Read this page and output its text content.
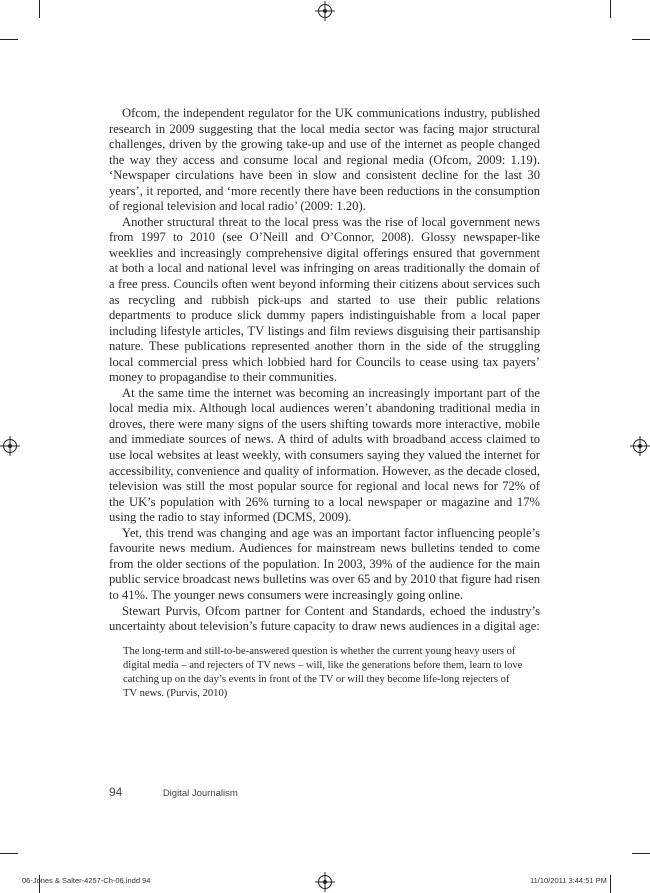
Ofcom, the independent regulator for the UK communications industry, published research in 2009 suggesting that the local media sector was facing major structural challenges, driven by the growing take-up and use of the internet as people changed the way they access and consume local and regional media (Ofcom, 2009: 1.19). ‘Newspaper circulations have been in slow and consistent decline for the last 30 years’, it reported, and ‘more recently there have been reductions in the consumption of regional television and local radio’ (2009: 1.20).

Another structural threat to the local press was the rise of local government news from 1997 to 2010 (see O’Neill and O’Connor, 2008). Glossy newspaper-like weeklies and increasingly comprehensive digital offerings ensured that government at both a local and national level was infringing on areas traditionally the domain of a free press. Councils often went beyond informing their citizens about services such as recycling and rubbish pick-ups and started to use their public relations departments to produce slick dummy papers indistinguishable from a local paper including lifestyle articles, TV listings and film reviews disguising their partisanship nature. These publications represented another thorn in the side of the struggling local commercial press which lobbied hard for Councils to cease using tax payers’ money to propagandise to their communities.

At the same time the internet was becoming an increasingly important part of the local media mix. Although local audiences weren’t abandoning traditional media in droves, there were many signs of the users shifting towards more interactive, mobile and immediate sources of news. A third of adults with broadband access claimed to use local websites at least weekly, with consumers saying they valued the internet for accessibility, convenience and quality of information. However, as the decade closed, television was still the most popular source for regional and local news for 72% of the UK’s population with 26% turning to a local newspaper or magazine and 17% using the radio to stay informed (DCMS, 2009).

Yet, this trend was changing and age was an important factor influencing people’s favourite news medium. Audiences for mainstream news bulletins tended to come from the older sections of the population. In 2003, 39% of the audience for the main public service broadcast news bulletins was over 65 and by 2010 that figure had risen to 41%. The younger news consumers were increasingly going online.

Stewart Purvis, Ofcom partner for Content and Standards, echoed the industry’s uncertainty about television’s future capacity to draw news audiences in a digital age:

The long-term and still-to-be-answered question is whether the current young heavy users of digital media – and rejecters of TV news – will, like the generations before them, learn to love catching up on the day’s events in front of the TV or will they become life-long rejecters of TV news. (Purvis, 2010)

94	Digital Journalism
06-Jones & Salter-4257-Ch-06.indd 94	11/10/2011 3:44:51 PM
